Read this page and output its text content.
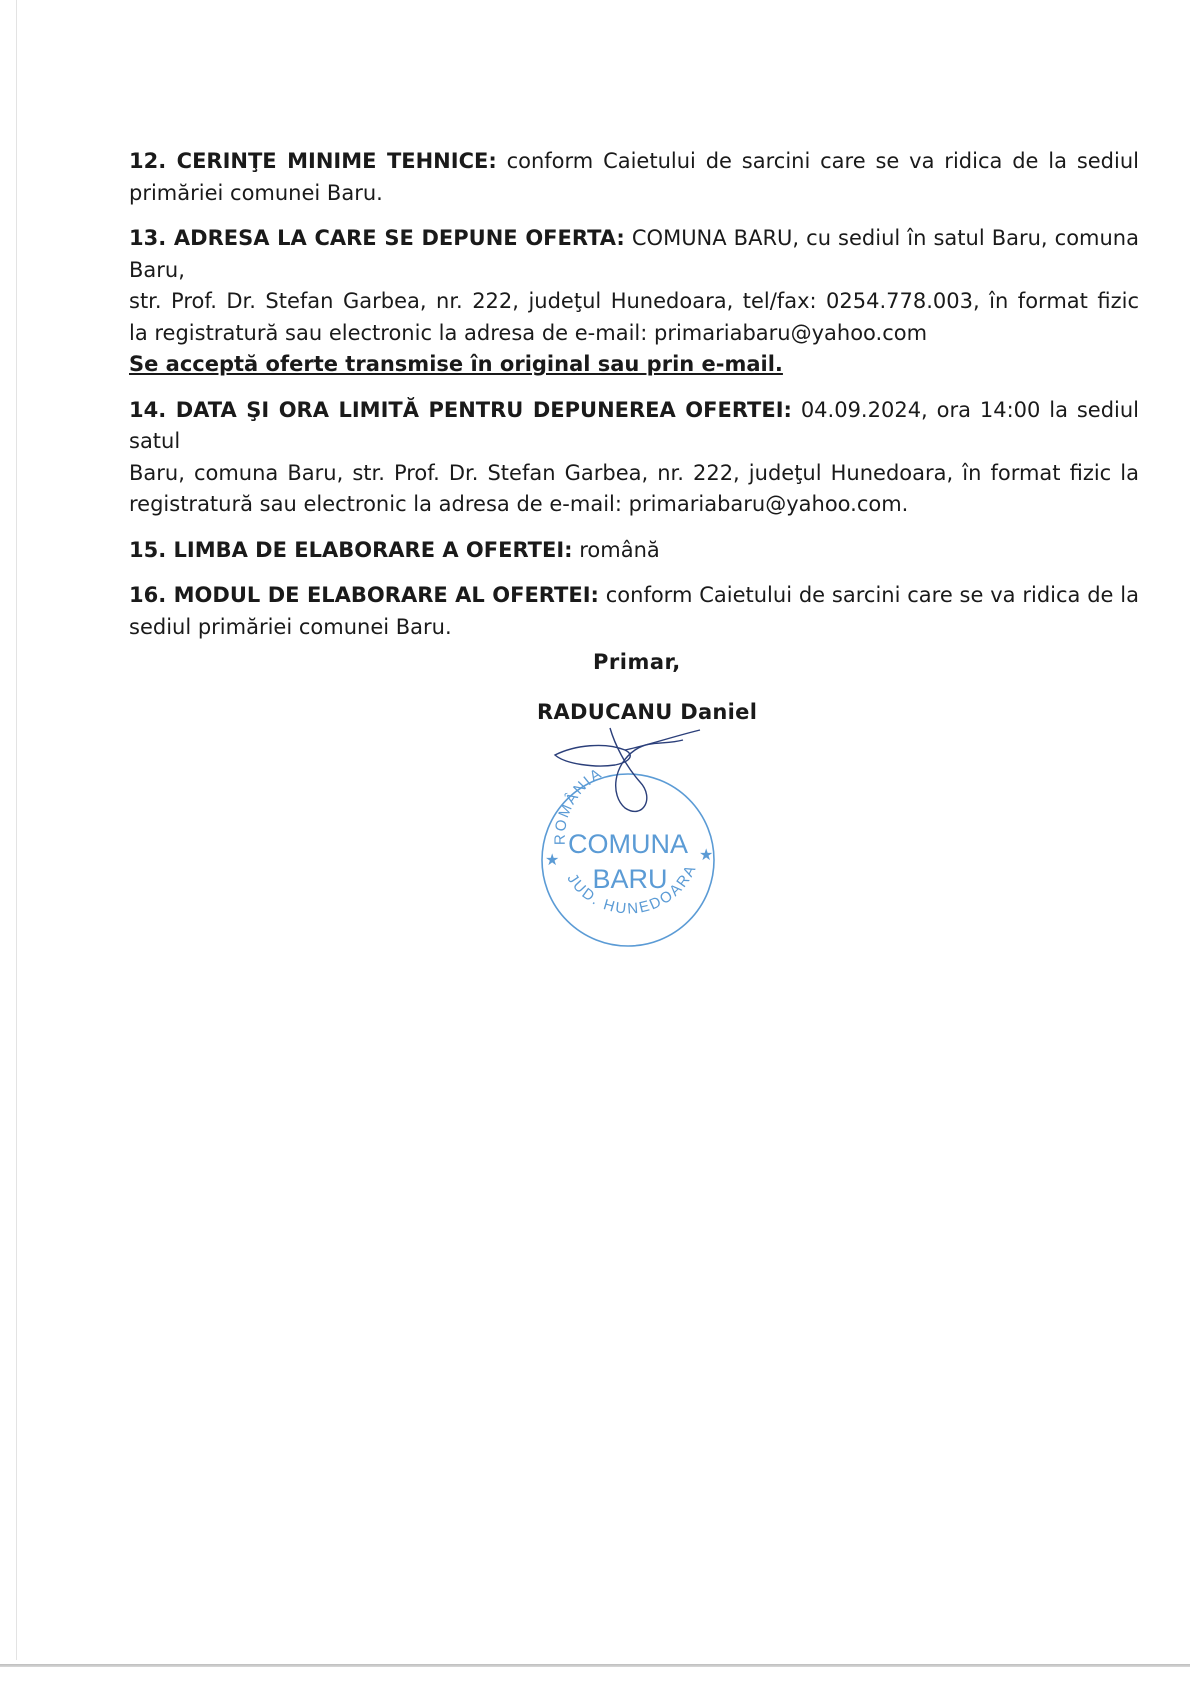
12. CERINŢE MINIME TEHNICE: conform Caietului de sarcini care se va ridica de la sediul
primăriei comunei Baru.
13. ADRESA LA CARE SE DEPUNE OFERTA: COMUNA BARU, cu sediul în satul Baru, comuna Baru,
str. Prof. Dr. Stefan Garbea, nr. 222, judeţul Hunedoara, tel/fax: 0254.778.003, în format fizic
la registratură sau electronic la adresa de e-mail: primariabaru@yahoo.com
Se acceptă oferte transmise în original sau prin e-mail.
14. DATA ŞI ORA LIMITĂ PENTRU DEPUNEREA OFERTEI: 04.09.2024, ora 14:00 la sediul satul
Baru, comuna Baru, str. Prof. Dr. Stefan Garbea, nr. 222, judeţul Hunedoara, în format fizic la
registratură sau electronic la adresa de e-mail: primariabaru@yahoo.com.
15. LIMBA DE ELABORARE A OFERTEI: română
16. MODUL DE ELABORARE AL OFERTEI: conform Caietului de sarcini care se va ridica de la
sediul primăriei comunei Baru.
Primar,
RADUCANU Daniel
ROMÂNIA
COMUNA
BARU
JUD. HUNEDOARA
★	★
